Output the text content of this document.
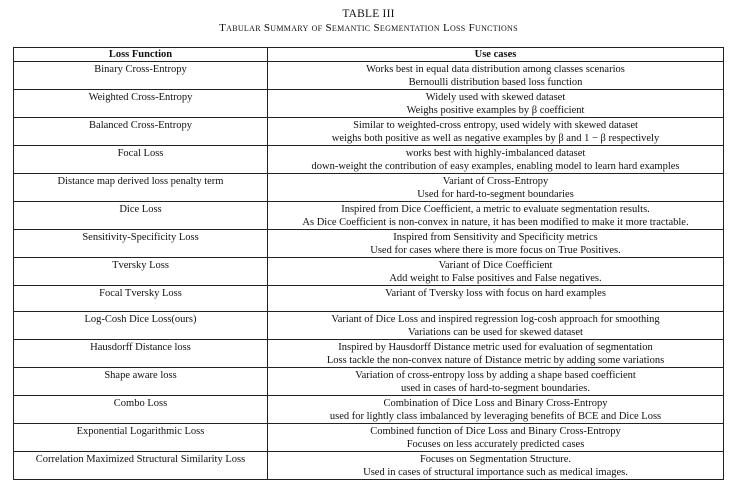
TABLE III
Tabular Summary of Semantic Segmentation Loss Functions
Loss Function	Use cases

Binary Cross-Entropy	Works best in equal data distribution among classes scenarios
Bernoulli distribution based loss function

Weighted Cross-Entropy	Widely used with skewed dataset
Weighs positive examples by β coefficient

Balanced Cross-Entropy	Similar to weighted-cross entropy, used widely with skewed dataset
weighs both positive as well as negative examples by β and 1 − β respectively

Focal Loss	works best with highly-imbalanced dataset
down-weight the contribution of easy examples, enabling model to learn hard examples

Distance map derived loss penalty term	Variant of Cross-Entropy
Used for hard-to-segment boundaries

Dice Loss	Inspired from Dice Coefficient, a metric to evaluate segmentation results.
As Dice Coefficient is non-convex in nature, it has been modified to make it more tractable.

Sensitivity-Specificity Loss	Inspired from Sensitivity and Specificity metrics
Used for cases where there is more focus on True Positives.

Tversky Loss	Variant of Dice Coefficient
Add weight to False positives and False negatives.

Focal Tversky Loss	Variant of Tversky loss with focus on hard examples

Log-Cosh Dice Loss(ours)	Variant of Dice Loss and inspired regression log-cosh approach for smoothing
Variations can be used for skewed dataset

Hausdorff Distance loss	Inspired by Hausdorff Distance metric used for evaluation of segmentation
Loss tackle the non-convex nature of Distance metric by adding some variations

Shape aware loss	Variation of cross-entropy loss by adding a shape based coefficient
used in cases of hard-to-segment boundaries.

Combo Loss	Combination of Dice Loss and Binary Cross-Entropy
used for lightly class imbalanced by leveraging benefits of BCE and Dice Loss

Exponential Logarithmic Loss	Combined function of Dice Loss and Binary Cross-Entropy
Focuses on less accurately predicted cases

Correlation Maximized Structural Similarity Loss	Focuses on Segmentation Structure.
Used in cases of structural importance such as medical images.
